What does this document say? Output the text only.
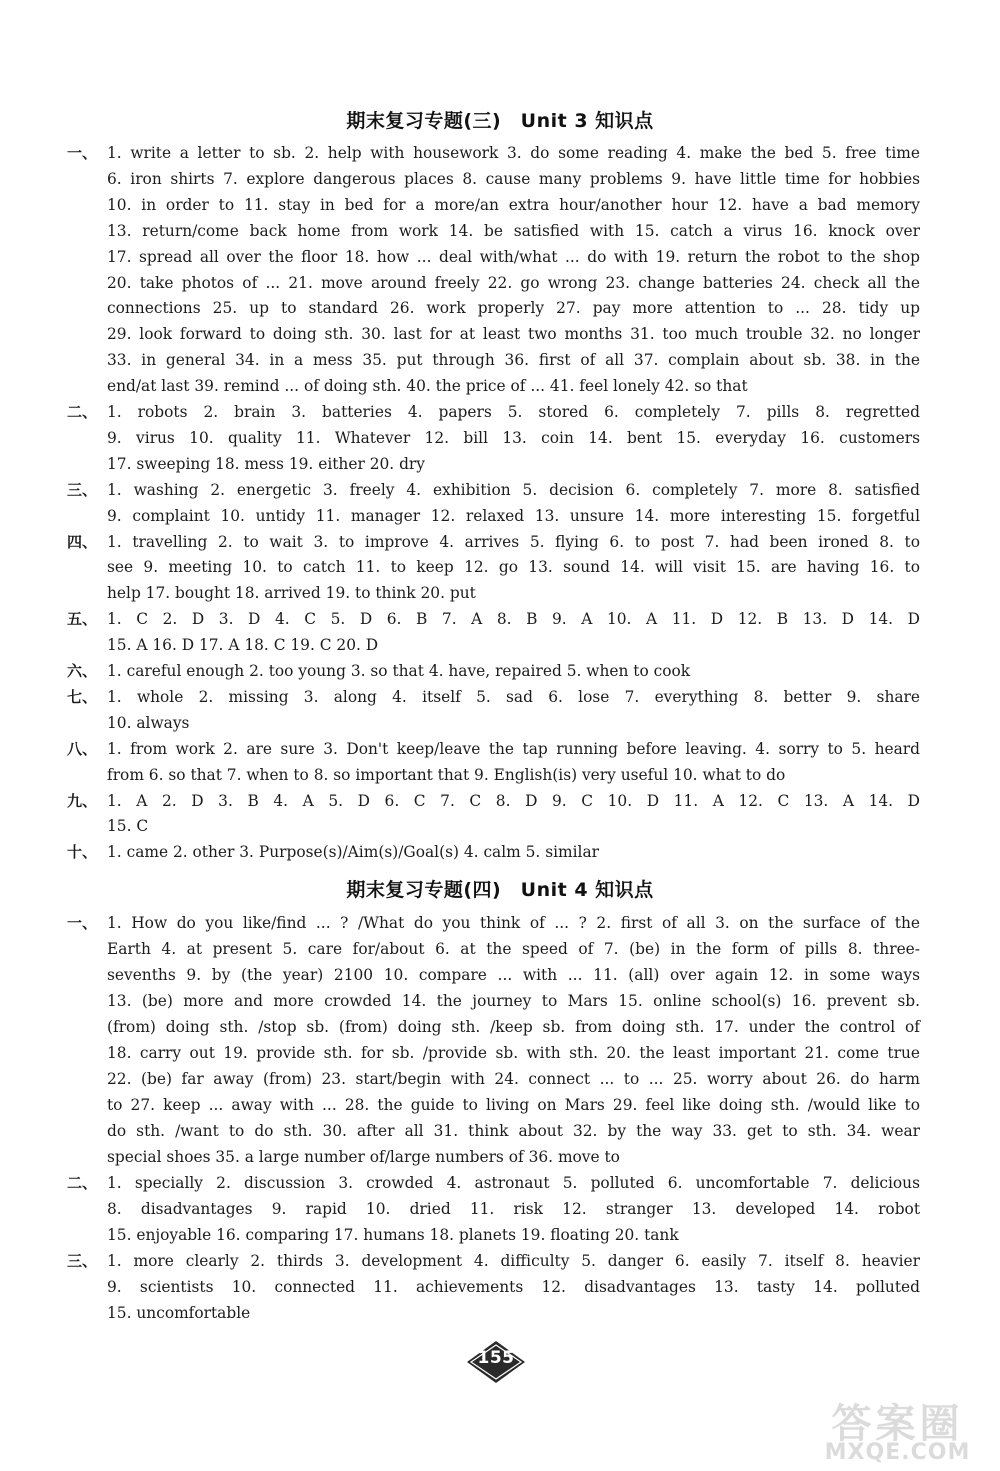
期末复习专题(三)　Unit 3 知识点
一、 1. write a letter to sb. 2. help with housework 3. do some reading 4. make the bed 5. free time
6. iron shirts 7. explore dangerous places 8. cause many problems 9. have little time for hobbies
10. in order to 11. stay in bed for a more/an extra hour/another hour 12. have a bad memory
13. return/come back home from work 14. be satisfied with 15. catch a virus 16. knock over
17. spread all over the floor 18. how ... deal with/what ... do with 19. return the robot to the shop
20. take photos of ... 21. move around freely 22. go wrong 23. change batteries 24. check all the
connections 25. up to standard 26. work properly 27. pay more attention to ... 28. tidy up
29. look forward to doing sth. 30. last for at least two months 31. too much trouble 32. no longer
33. in general 34. in a mess 35. put through 36. first of all 37. complain about sb. 38. in the
end/at last 39. remind ... of doing sth. 40. the price of ... 41. feel lonely 42. so that
二、 1. robots 2. brain 3. batteries 4. papers 5. stored 6. completely 7. pills 8. regretted
9. virus 10. quality 11. Whatever 12. bill 13. coin 14. bent 15. everyday 16. customers
17. sweeping 18. mess 19. either 20. dry
三、 1. washing 2. energetic 3. freely 4. exhibition 5. decision 6. completely 7. more 8. satisfied
9. complaint 10. untidy 11. manager 12. relaxed 13. unsure 14. more interesting 15. forgetful
四、 1. travelling 2. to wait 3. to improve 4. arrives 5. flying 6. to post 7. had been ironed 8. to
see 9. meeting 10. to catch 11. to keep 12. go 13. sound 14. will visit 15. are having 16. to
help 17. bought 18. arrived 19. to think 20. put
五、 1. C 2. D 3. D 4. C 5. D 6. B 7. A 8. B 9. A 10. A 11. D 12. B 13. D 14. D
15. A 16. D 17. A 18. C 19. C 20. D
六、 1. careful enough 2. too young 3. so that 4. have, repaired 5. when to cook
七、 1. whole 2. missing 3. along 4. itself 5. sad 6. lose 7. everything 8. better 9. share
10. always
八、 1. from work 2. are sure 3. Don't keep/leave the tap running before leaving. 4. sorry to 5. heard
from 6. so that 7. when to 8. so important that 9. English(is) very useful 10. what to do
九、 1. A 2. D 3. B 4. A 5. D 6. C 7. C 8. D 9. C 10. D 11. A 12. C 13. A 14. D
15. C
十、 1. came 2. other 3. Purpose(s)/Aim(s)/Goal(s) 4. calm 5. similar
期末复习专题(四)　Unit 4 知识点
一、 1. How do you like/find ... ? /What do you think of ... ? 2. first of all 3. on the surface of the
Earth 4. at present 5. care for/about 6. at the speed of 7. (be) in the form of pills 8. three-
sevenths 9. by (the year) 2100 10. compare ... with ... 11. (all) over again 12. in some ways
13. (be) more and more crowded 14. the journey to Mars 15. online school(s) 16. prevent sb.
(from) doing sth. /stop sb. (from) doing sth. /keep sb. from doing sth. 17. under the control of
18. carry out 19. provide sth. for sb. /provide sb. with sth. 20. the least important 21. come true
22. (be) far away (from) 23. start/begin with 24. connect ... to ... 25. worry about 26. do harm
to 27. keep ... away with ... 28. the guide to living on Mars 29. feel like doing sth. /would like to
do sth. /want to do sth. 30. after all 31. think about 32. by the way 33. get to sth. 34. wear
special shoes 35. a large number of/large numbers of 36. move to
二、 1. specially 2. discussion 3. crowded 4. astronaut 5. polluted 6. uncomfortable 7. delicious
8. disadvantages 9. rapid 10. dried 11. risk 12. stranger 13. developed 14. robot
15. enjoyable 16. comparing 17. humans 18. planets 19. floating 20. tank
三、 1. more clearly 2. thirds 3. development 4. difficulty 5. danger 6. easily 7. itself 8. heavier
9. scientists 10. connected 11. achievements 12. disadvantages 13. tasty 14. polluted
15. uncomfortable
155
答案圈
MXQE.COM
